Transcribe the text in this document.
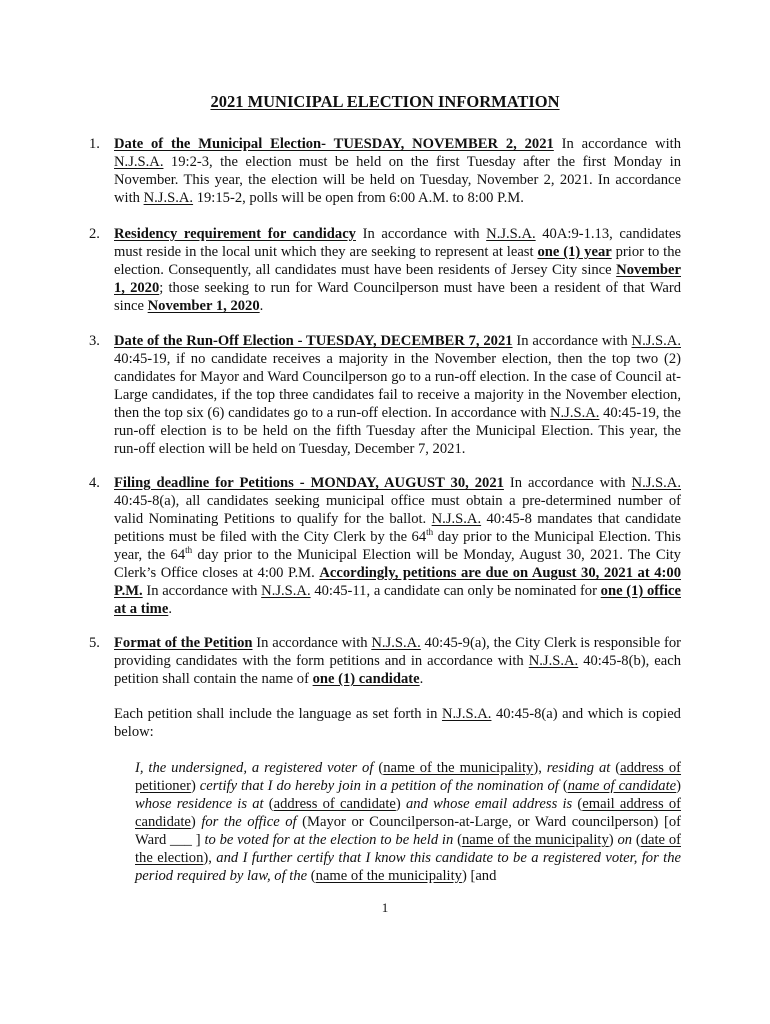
2021 MUNICIPAL ELECTION INFORMATION
1. Date of the Municipal Election- TUESDAY, NOVEMBER 2, 2021 In accordance with N.J.S.A. 19:2-3, the election must be held on the first Tuesday after the first Monday in November. This year, the election will be held on Tuesday, November 2, 2021. In accordance with N.J.S.A. 19:15-2, polls will be open from 6:00 A.M. to 8:00 P.M.
2. Residency requirement for candidacy In accordance with N.J.S.A. 40A:9-1.13, candidates must reside in the local unit which they are seeking to represent at least one (1) year prior to the election. Consequently, all candidates must have been residents of Jersey City since November 1, 2020; those seeking to run for Ward Councilperson must have been a resident of that Ward since November 1, 2020.
3. Date of the Run-Off Election - TUESDAY, DECEMBER 7, 2021 In accordance with N.J.S.A. 40:45-19, if no candidate receives a majority in the November election, then the top two (2) candidates for Mayor and Ward Councilperson go to a run-off election. In the case of Council at-Large candidates, if the top three candidates fail to receive a majority in the November election, then the top six (6) candidates go to a run-off election. In accordance with N.J.S.A. 40:45-19, the run-off election is to be held on the fifth Tuesday after the Municipal Election. This year, the run-off election will be held on Tuesday, December 7, 2021.
4. Filing deadline for Petitions - MONDAY, AUGUST 30, 2021 In accordance with N.J.S.A. 40:45-8(a), all candidates seeking municipal office must obtain a pre-determined number of valid Nominating Petitions to qualify for the ballot. N.J.S.A. 40:45-8 mandates that candidate petitions must be filed with the City Clerk by the 64th day prior to the Municipal Election. This year, the 64th day prior to the Municipal Election will be Monday, August 30, 2021. The City Clerk’s Office closes at 4:00 P.M. Accordingly, petitions are due on August 30, 2021 at 4:00 P.M. In accordance with N.J.S.A. 40:45-11, a candidate can only be nominated for one (1) office at a time.
5. Format of the Petition In accordance with N.J.S.A. 40:45-9(a), the City Clerk is responsible for providing candidates with the form petitions and in accordance with N.J.S.A. 40:45-8(b), each petition shall contain the name of one (1) candidate.

Each petition shall include the language as set forth in N.J.S.A. 40:45-8(a) and which is copied below:

I, the undersigned, a registered voter of (name of the municipality), residing at (address of petitioner) certify that I do hereby join in a petition of the nomination of (name of candidate) whose residence is at (address of candidate) and whose email address is (email address of candidate) for the office of (Mayor or Councilperson-at-Large, or Ward councilperson) [of Ward ___ ] to be voted for at the election to be held in (name of the municipality) on (date of the election), and I further certify that I know this candidate to be a registered voter, for the period required by law, of the (name of the municipality) [and
1
